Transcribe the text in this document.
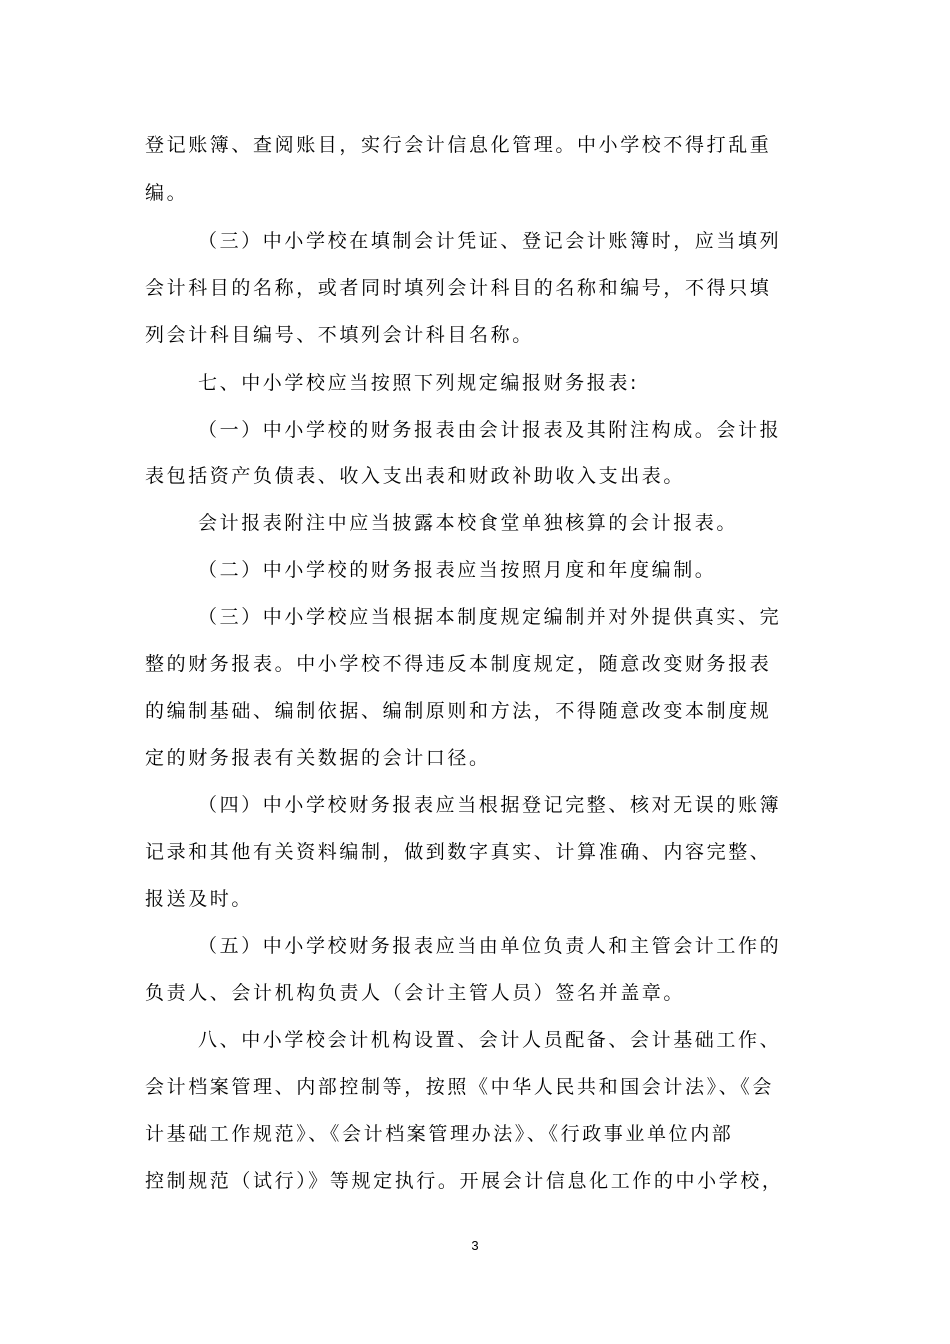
登记账簿、查阅账目，实行会计信息化管理。中小学校不得打乱重
编。
（三）中小学校在填制会计凭证、登记会计账簿时，应当填列
会计科目的名称，或者同时填列会计科目的名称和编号，不得只填
列会计科目编号、不填列会计科目名称。
七、中小学校应当按照下列规定编报财务报表:
（一）中小学校的财务报表由会计报表及其附注构成。会计报
表包括资产负债表、收入支出表和财政补助收入支出表。
会计报表附注中应当披露本校食堂单独核算的会计报表。
（二）中小学校的财务报表应当按照月度和年度编制。
（三）中小学校应当根据本制度规定编制并对外提供真实、完
整的财务报表。中小学校不得违反本制度规定，随意改变财务报表
的编制基础、编制依据、编制原则和方法，不得随意改变本制度规
定的财务报表有关数据的会计口径。
（四）中小学校财务报表应当根据登记完整、核对无误的账簿
记录和其他有关资料编制，做到数字真实、计算准确、内容完整、
报送及时。
（五）中小学校财务报表应当由单位负责人和主管会计工作的
负责人、会计机构负责人（会计主管人员）签名并盖章。
八、中小学校会计机构设置、会计人员配备、会计基础工作、
会计档案管理、内部控制等，按照《中华人民共和国会计法》、《会
计基础工作规范》、《会计档案管理办法》、《行政事业单位内部
控制规范（试行）》等规定执行。开展会计信息化工作的中小学校，
3
